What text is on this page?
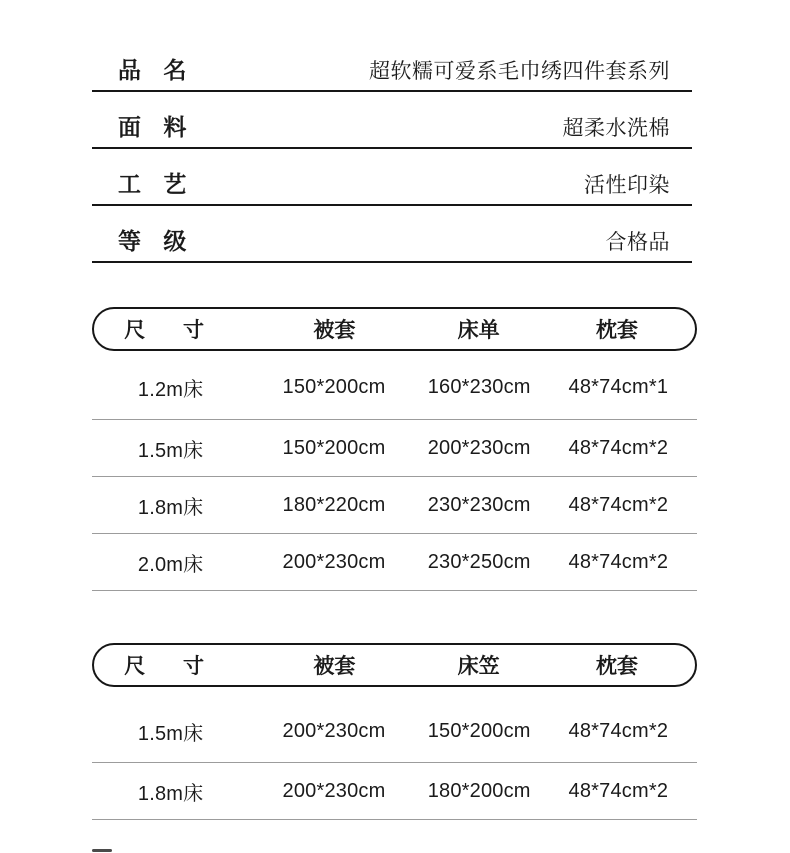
品 名	超软糯可爱系毛巾绣四件套系列
面 料	超柔水洗棉
工 艺	活性印染
等 级	合格品
尺 寸	被套	床单	枕套
1.2m床	150*200cm	160*230cm	48*74cm*1
1.5m床	150*200cm	200*230cm	48*74cm*2
1.8m床	180*220cm	230*230cm	48*74cm*2
2.0m床	200*230cm	230*250cm	48*74cm*2
尺 寸	被套	床笠	枕套
1.5m床	200*230cm	150*200cm	48*74cm*2
1.8m床	200*230cm	180*200cm	48*74cm*2
